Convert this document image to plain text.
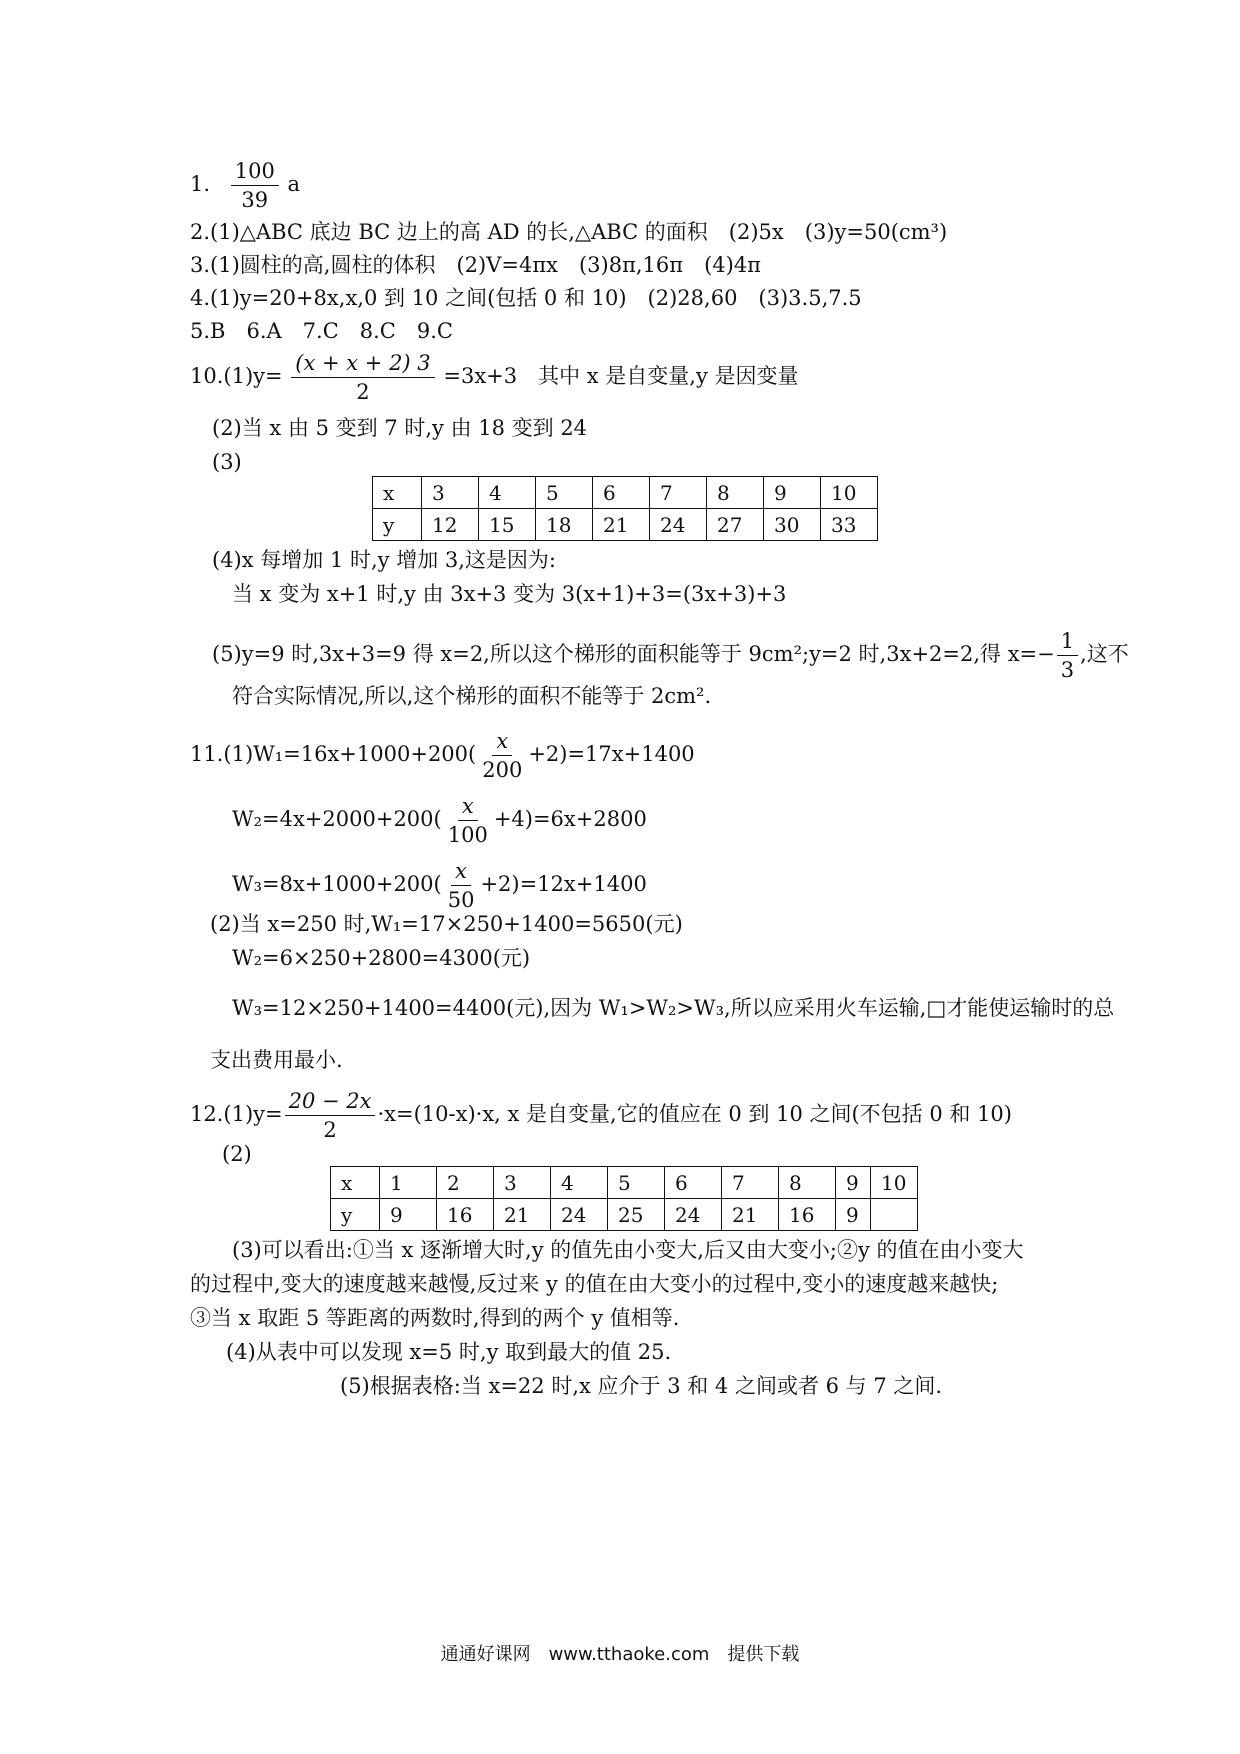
1. $\frac{100}{39}$ a
2.(1)△ABC 底边 BC 边上的高 AD 的长,△ABC 的面积　(2)5x　(3)y=50(cm³)
3.(1)圆柱的高,圆柱的体积　(2)V=4πx　(3)8π,16π　(4)4π
4.(1)y=20+8x,x,0 到 10 之间(包括 0 和 10)　(2)28,60　(3)3.5,7.5
5.B　6.A　7.C　8.C　9.C
$10.(1)y= \frac{(x + x + 2) 3}{2} =3x+3$　其中 x 是自变量,y 是因变量
(2)当 x 由 5 变到 7 时,y 由 18 变到 24
(3)
x	3	4	5	6	7	8	9	10
y	12	15	18	21	24	27	30	33
(4)x 每增加 1 时,y 增加 3,这是因为:
当 x 变为 x+1 时,y 由 3x+3 变为 3(x+1)+3=(3x+3)+3
(5)y=9 时,3x+3=9 得 x=2,所以这个梯形的面积能等于 9cm²;y=2 时,3x+2=2,得 $x=- \frac{1}{3}$ ,这不
符合实际情况,所以,这个梯形的面积不能等于 2cm².
$11.(1)W_1=16x+1000+200( \frac{x}{200} +2)=17x+1400$
$W_2=4x+2000+200( \frac{x}{100} +4)=6x+2800$
$W_3=8x+1000+200( \frac{x}{50} +2)=12x+1400$
(2)当 x=250 时,W₁=17×250+1400=5650(元)
W₂=6×250+2800=4300(元)
W₃=12×250+1400=4400(元),因为 W₁>W₂>W₃,所以应采用火车运输,□才能使运输时的总
支出费用最小.
$12.(1)y= \frac{20 - 2x}{2} \cdot x=(10-x)\cdot x$, x 是自变量,它的值应在 0 到 10 之间(不包括 0 和 10)
(2)
x	1	2	3	4	5	6	7	8	9	10
y	9	16	21	24	25	24	21	16	9	
(3)可以看出:①当 x 逐渐增大时,y 的值先由小变大,后又由大变小;②y 的值在由小变大
的过程中,变大的速度越来越慢,反过来 y 的值在由大变小的过程中,变小的速度越来越快;
③当 x 取距 5 等距离的两数时,得到的两个 y 值相等.
(4)从表中可以发现 x=5 时,y 取到最大的值 25.
(5)根据表格:当 x=22 时,x 应介于 3 和 4 之间或者 6 与 7 之间.
通通好课网　www.tthaoke.com　提供下载
